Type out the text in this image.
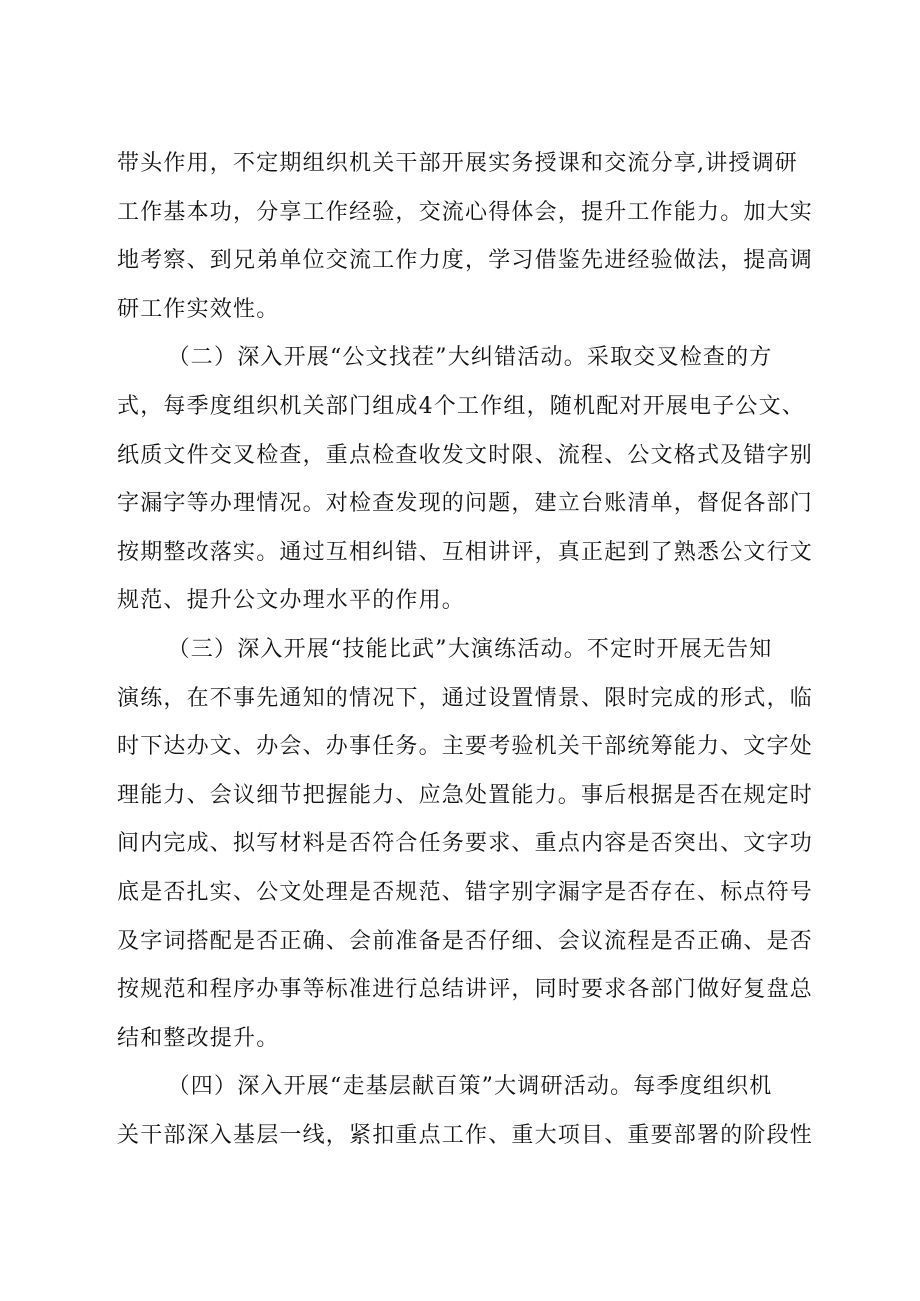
带头作用，不定期组织机关干部开展实务授课和交流分享,讲授调研
工作基本功，分享工作经验，交流心得体会，提升工作能力。加大实
地考察、到兄弟单位交流工作力度，学习借鉴先进经验做法，提高调
研工作实效性。

（二）深入开展“公文找茬”大纠错活动。采取交叉检查的方
式，每季度组织机关部门组成4个工作组，随机配对开展电子公文、
纸质文件交叉检查，重点检查收发文时限、流程、公文格式及错字别
字漏字等办理情况。对检查发现的问题，建立台账清单，督促各部门
按期整改落实。通过互相纠错、互相讲评，真正起到了熟悉公文行文
规范、提升公文办理水平的作用。

（三）深入开展“技能比武”大演练活动。不定时开展无告知
演练，在不事先通知的情况下，通过设置情景、限时完成的形式，临
时下达办文、办会、办事任务。主要考验机关干部统筹能力、文字处
理能力、会议细节把握能力、应急处置能力。事后根据是否在规定时
间内完成、拟写材料是否符合任务要求、重点内容是否突出、文字功
底是否扎实、公文处理是否规范、错字别字漏字是否存在、标点符号
及字词搭配是否正确、会前准备是否仔细、会议流程是否正确、是否
按规范和程序办事等标准进行总结讲评，同时要求各部门做好复盘总
结和整改提升。

（四）深入开展“走基层献百策”大调研活动。每季度组织机
关干部深入基层一线，紧扣重点工作、重大项目、重要部署的阶段性
